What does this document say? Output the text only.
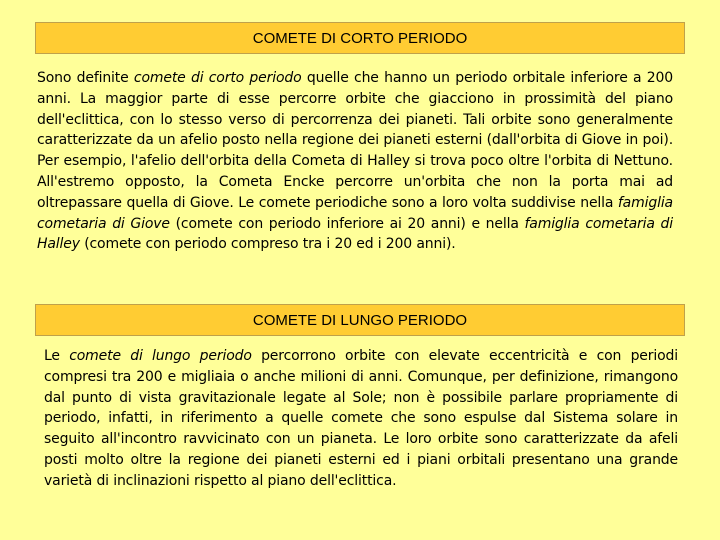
COMETE DI CORTO PERIODO
Sono definite comete di corto periodo quelle che hanno un periodo orbitale inferiore a 200 anni. La maggior parte di esse percorre orbite che giacciono in prossimità del piano dell'eclittica, con lo stesso verso di percorrenza dei pianeti. Tali orbite sono generalmente caratterizzate da un afelio posto nella regione dei pianeti esterni (dall'orbita di Giove in poi). Per esempio, l'afelio dell'orbita della Cometa di Halley si trova poco oltre l'orbita di Nettuno. All'estremo opposto, la Cometa Encke percorre un'orbita che non la porta mai ad oltrepassare quella di Giove. Le comete periodiche sono a loro volta suddivise nella famiglia cometaria di Giove (comete con periodo inferiore ai 20 anni) e nella famiglia cometaria di Halley (comete con periodo compreso tra i 20 ed i 200 anni).
COMETE DI LUNGO PERIODO
Le comete di lungo periodo percorrono orbite con elevate eccentricità e con periodi compresi tra 200 e migliaia o anche milioni di anni. Comunque, per definizione, rimangono dal punto di vista gravitazionale legate al Sole; non è possibile parlare propriamente di periodo, infatti, in riferimento a quelle comete che sono espulse dal Sistema solare in seguito all'incontro ravvicinato con un pianeta. Le loro orbite sono caratterizzate da afeli posti molto oltre la regione dei pianeti esterni ed i piani orbitali presentano una grande varietà di inclinazioni rispetto al piano dell'eclittica.
